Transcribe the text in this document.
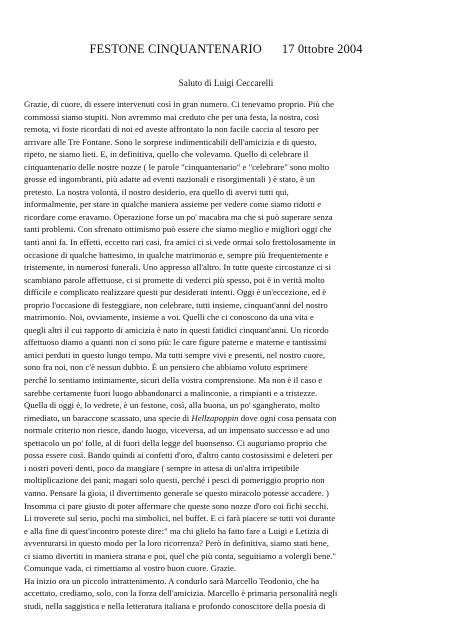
FESTONE CINQUANTENARIO 17 0ttobre 2004
Saluto di Luigi Ceccarelli
Grazie, di cuore, di essere intervenuti così in gran numero. Ci tenevamo proprio. Più che
commossi siamo stupiti. Non avremmo mai creduto che per una festa, la nostra, così
remota, vi foste ricordati di noi ed aveste affrontato la non facile caccia al tesoro per
arrivare alle Tre Fontane. Sono le sorprese indimenticabili dell'amicizia e di questo,
ripeto, ne siamo lieti. E, in definitiva, quello che volevamo. Quello di celebrare il
cinquantenario delle nostre nozze ( le parole "cinquantenario" e "celebrare" sono molto
grosse ed ingombranti, più adatte ad eventi nazionali e risorgimentali ) è stato, è un
pretesto. La nostra volontà, il nostro desiderio, era quello di avervi tutti qui,
informalmente, per stare in qualche maniera assieme per vedere come siamo ridotti e
ricordare come eravamo. Operazione forse un po' macabra ma che si può superare senza
tanti problemi. Con sfrenato ottimismo può essere che siamo meglio e migliori oggi che
tanti anni fa. In effetti, eccetto rari casi, fra amici ci si vede ormai solo frettolosamente in
occasione di qualche battesimo, in qualche matrimonio e, sempre più frequentemente e
tristemente, in numerosi funerali. Uno appresso all'altro. In tutte queste circostanze ci si
scambiano parole affettuose, ci si promette di vederci più spesso, poi è in verità molto
difficile e complicato realizzare questi pur desiderati intenti. Oggi è un'eccezione, ed è
proprio l'occasione di festeggiare, non celebrare, tutti insieme, cinquant'anni del nostro
matrimonio. Noi, ovviamente, insieme a voi. Quelli che ci conoscono da una vita e
quegli altri il cui rapporto di amicizia è nato in questi fatidici cinquant'anni. Un ricordo
affettuoso diamo a quanti non ci sono più: le care figure paterne e materne e tantissimi
amici perduti in questo lungo tempo. Ma tutti sempre vivi e presenti, nel nostro cuore,
sono fra noi, non c'è nessun dubbio. È un pensiero che abbiamo voluto esprimere
perché lo sentiamo intimamente, sicuri della vostra comprensione. Ma non è il caso e
sarebbe certamente fuori luogo abbandonarci a malinconie, a rimpianti e a tristezze.
Quella di oggi è, lo vedrete, è un festone, così, alla buona, un po' sgangherato, molto
rimediato, un baraccone scassato, una specie di Hellzapoppin dove ogni cosa pensata con
normale criterio non riesce, dando luogo, viceversa, ad un impensato successo e ad uno
spettacolo un po' folle, al di fuori della legge del buonsenso. Ci auguriamo proprio che
possa essere così. Bando quindi ai confetti d'oro, d'altro canto costosissimi e deleteri per
i nostri poveri denti, poco da mangiare ( sempre in attesa di un'altra irripetibile
moltiplicazione dei pani; magari solo questi, perché i pesci di pomeriggio proprio non
vanno. Pensare la gioia, il divertimento generale se questo miracolo potesse accadere. )
Insomma ci pare giusto di poter affermare che queste sono nozze d'oro coi fichi secchi.
Li troverete sul serio, pochi ma simbolici, nel buffet. E ci farà piacere se tutti voi durante
e alla fine di quest'incontro poteste dire:" ma chi glielo ha fatto fare a Luigi e Letizia di
avventurarsi in questo modo per la loro ricorrenza? Però in definitiva, siamo stati bene,
ci siamo divertiti in maniera strana e poi, quel che più conta, seguitiamo a volergli bene."
Comunque vada, ci rimettiamo al vostro buon cuore. Grazie.
Ha inizio ora un piccolo intrattenimento. A condurlo sarà Marcello Teodonio, che ha
accettato, crediamo, solo, con la forza dell'amicizia. Marcello è primaria personalità negli
studi, nella saggistica e nella letteratura italiana e profondo conoscitore della poesia di
